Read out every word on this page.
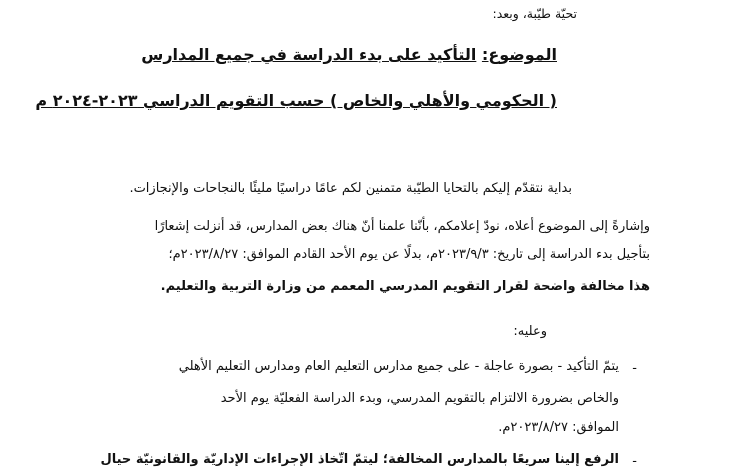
تحيّة طيّبة، وبعد:
الموضوع: التأكيد على بدء الدراسة في جميع المدارس
( الحكومي والأهلي والخاص ) حسب التقويم الدراسي ٢٠٢٣-٢٠٢٤ م
بداية نتقدّم إليكم بالتحايا الطيّبة متمنين لكم عامًا دراسيًا مليئًا بالنجاحات والإنجازات.
وإشارةً إلى الموضوع أعلاه، نودّ إعلامكم، بأنّنا علمنا أنّ هناك بعض المدارس، قد أنزلت إشعارًا
بتأجيل بدء الدراسة إلى تاريخ: ٢٠٢٣/٩/٣م، بدلًا عن يوم الأحد القادم الموافق: ٢٠٢٣/٨/٢٧م؛
هذا مخالفة واضحة لقرار التقويم المدرسي المعمم من وزارة التربية والتعليم.
وعليه:
-
يتمّ التأكيد - بصورة عاجلة - على جميع مدارس التعليم العام ومدارس التعليم الأهلي
والخاص بضرورة الالتزام بالتقويم المدرسي، وبدء الدراسة الفعليّة يوم الأحد
الموافق: ٢٠٢٣/٨/٢٧م.
-
الرفع إلينا سريعًا بالمدارس المخالفة؛ ليتمّ اتّخاذ الإجراءات الإداريّة والقانونيّة حيال
